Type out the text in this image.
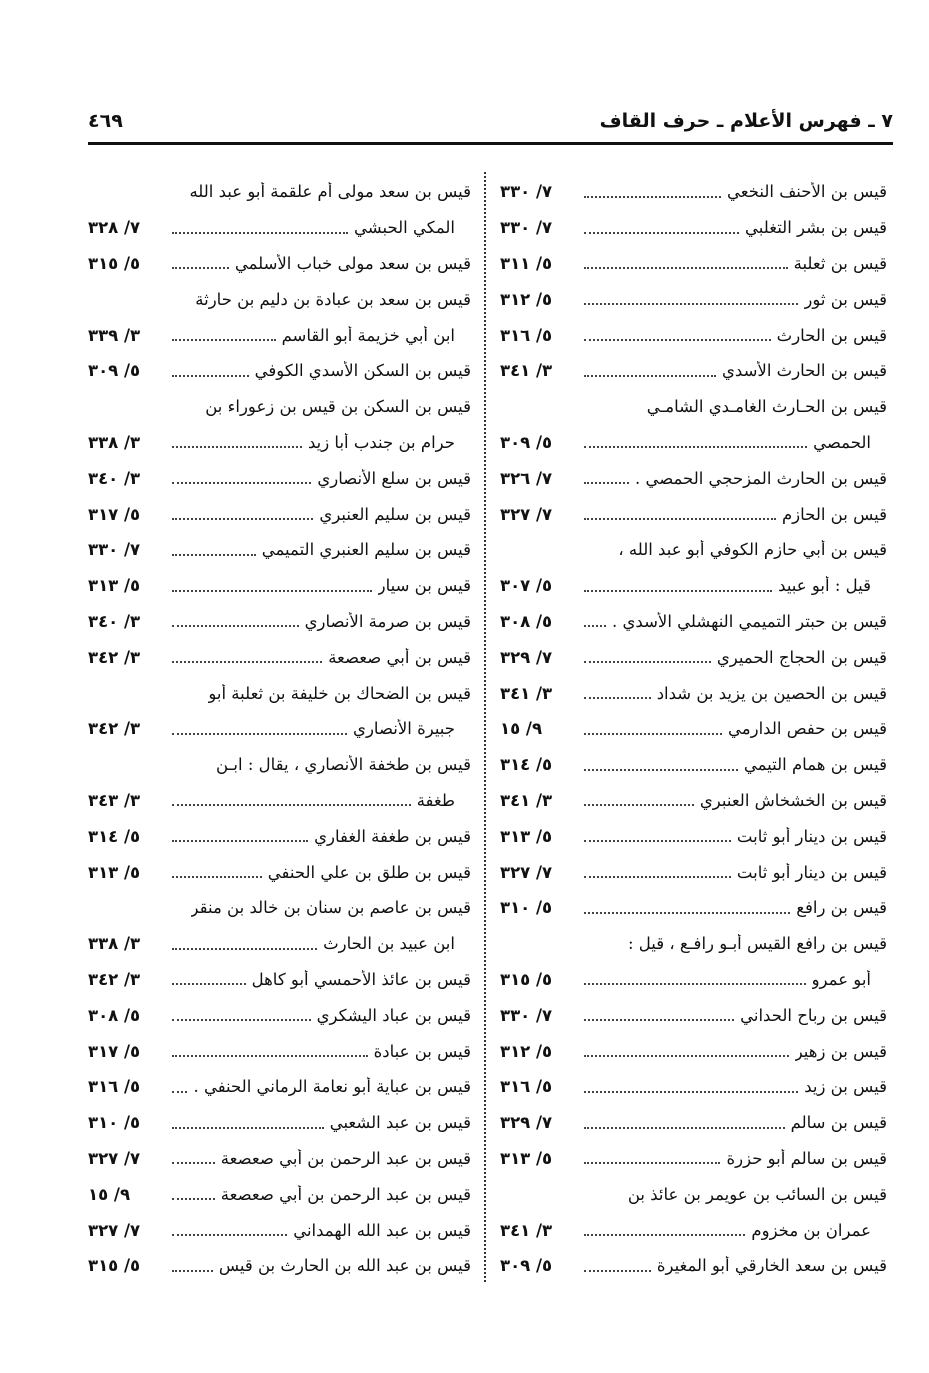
٧ ـ فهرس الأعلام ـ حرف القاف
٤٦٩
قيس بن الأحنف النخعي
٧/ ٣٣٠
قيس بن بشر التغلبي
٧/ ٣٣٠
قيس بن ثعلبة
٥/ ٣١١
قيس بن ثور
٥/ ٣١٢
قيس بن الحارث
٥/ ٣١٦
قيس بن الحارث الأسدي
٣/ ٣٤١
قيس بن الحـارث الغامـدي الشامـي
الحمصي
٥/ ٣٠٩
قيس بن الحارث المزحجي الحمصي .
٧/ ٣٢٦
قيس بن الحازم
٧/ ٣٢٧
قيس بن أبي حازم الكوفي أبو عبد الله ،
قيل : أبو عبيد
٥/ ٣٠٧
قيس بن حبتر التميمي النهشلي الأسدي .
٥/ ٣٠٨
قيس بن الحجاج الحميري
٧/ ٣٢٩
قيس بن الحصين بن يزيد بن شداد
٣/ ٣٤١
قيس بن حفص الدارمي
٩/ ١٥
قيس بن همام التيمي
٥/ ٣١٤
قيس بن الخشخاش العنبري
٣/ ٣٤١
قيس بن دينار أبو ثابت
٥/ ٣١٣
قيس بن دينار أبو ثابت
٧/ ٣٢٧
قيس بن رافع
٥/ ٣١٠
قيس بن رافع القيس أبـو رافـع ، قيل :
أبو عمرو
٥/ ٣١٥
قيس بن رباح الحداني
٧/ ٣٣٠
قيس بن زهير
٥/ ٣١٢
قيس بن زيد
٥/ ٣١٦
قيس بن سالم
٧/ ٣٢٩
قيس بن سالم أبو حزرة
٥/ ٣١٣
قيس بن السائب بن عويمر بن عائذ بن
عمران بن مخزوم
٣/ ٣٤١
قيس بن سعد الخارقي أبو المغيرة
٥/ ٣٠٩
قيس بن سعد مولى أم علقمة أبو عبد الله
المكي الحبشي
٧/ ٣٢٨
قيس بن سعد مولى خباب الأسلمي
٥/ ٣١٥
قيس بن سعد بن عبادة بن دليم بن حارثة
ابن أبي خزيمة أبو القاسم
٣/ ٣٣٩
قيس بن السكن الأسدي الكوفي
٥/ ٣٠٩
قيس بن السكن بن قيس بن زعوراء بن
حرام بن جندب أبا زيد
٣/ ٣٣٨
قيس بن سلع الأنصاري
٣/ ٣٤٠
قيس بن سليم العنبري
٥/ ٣١٧
قيس بن سليم العنبري التميمي
٧/ ٣٣٠
قيس بن سيار
٥/ ٣١٣
قيس بن صرمة الأنصاري
٣/ ٣٤٠
قيس بن أبي صعصعة
٣/ ٣٤٢
قيس بن الضحاك بن خليفة بن ثعلبة أبو
جبيرة الأنصاري
٣/ ٣٤٢
قيس بن طخفة الأنصاري ، يقال : ابـن
طغفة
٣/ ٣٤٣
قيس بن طغفة الغفاري
٥/ ٣١٤
قيس بن طلق بن علي الحنفي
٥/ ٣١٣
قيس بن عاصم بن سنان بن خالد بن منقر
ابن عبيد بن الحارث
٣/ ٣٣٨
قيس بن عائذ الأحمسي أبو كاهل
٣/ ٣٤٢
قيس بن عباد اليشكري
٥/ ٣٠٨
قيس بن عبادة
٥/ ٣١٧
قيس بن عباية أبو نعامة الرماني الحنفي .
٥/ ٣١٦
قيس بن عبد الشعبي
٥/ ٣١٠
قيس بن عبد الرحمن بن أبي صعصعة
٧/ ٣٢٧
قيس بن عبد الرحمن بن أبي صعصعة
٩/ ١٥
قيس بن عبد الله الهمداني
٧/ ٣٢٧
قيس بن عبد الله بن الحارث بن قيس
٥/ ٣١٥
